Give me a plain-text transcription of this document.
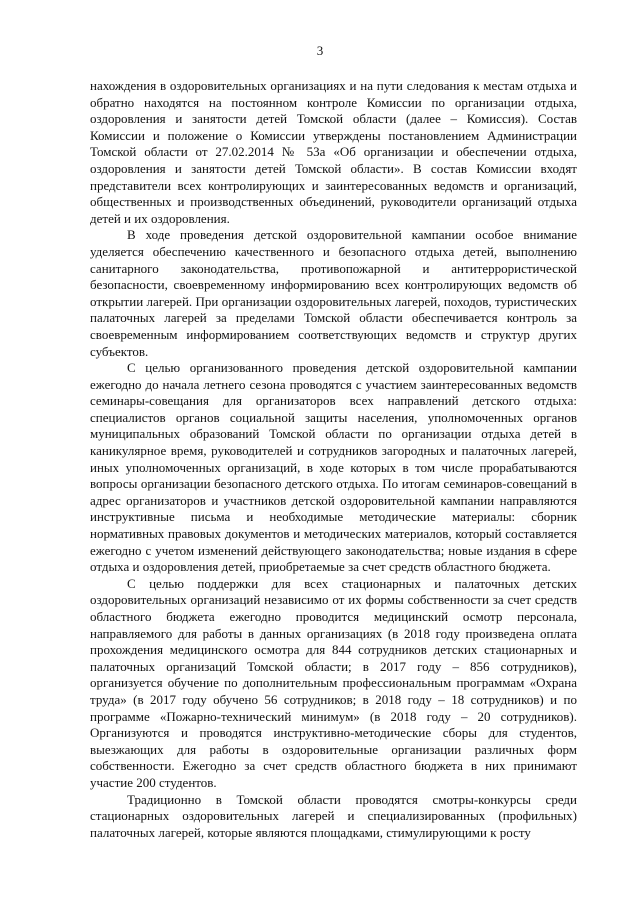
3

нахождения в оздоровительных организациях и на пути следования к местам отдыха и обратно находятся на постоянном контроле Комиссии по организации отдыха, оздоровления и занятости детей Томской области (далее – Комиссия). Состав Комиссии и положение о Комиссии утверждены постановлением Администрации Томской области от 27.02.2014 № 53а «Об организации и обеспечении отдыха, оздоровления и занятости детей Томской области». В состав Комиссии входят представители всех контролирующих и заинтересованных ведомств и организаций, общественных и производственных объединений, руководители организаций отдыха детей и их оздоровления.

В ходе проведения детской оздоровительной кампании особое внимание уделяется обеспечению качественного и безопасного отдыха детей, выполнению санитарного законодательства, противопожарной и антитеррористической безопасности, своевременному информированию всех контролирующих ведомств об открытии лагерей. При организации оздоровительных лагерей, походов, туристических палаточных лагерей за пределами Томской области обеспечивается контроль за своевременным информированием соответствующих ведомств и структур других субъектов.

С целью организованного проведения детской оздоровительной кампании ежегодно до начала летнего сезона проводятся с участием заинтересованных ведомств семинары-совещания для организаторов всех направлений детского отдыха: специалистов органов социальной защиты населения, уполномоченных органов муниципальных образований Томской области по организации отдыха детей в каникулярное время, руководителей и сотрудников загородных и палаточных лагерей, иных уполномоченных организаций, в ходе которых в том числе прорабатываются вопросы организации безопасного детского отдыха. По итогам семинаров-совещаний в адрес организаторов и участников детской оздоровительной кампании направляются инструктивные письма и необходимые методические материалы: сборник нормативных правовых документов и методических материалов, который составляется ежегодно с учетом изменений действующего законодательства; новые издания в сфере отдыха и оздоровления детей, приобретаемые за счет средств областного бюджета.

С целью поддержки для всех стационарных и палаточных детских оздоровительных организаций независимо от их формы собственности за счет средств областного бюджета ежегодно проводится медицинский осмотр персонала, направляемого для работы в данных организациях (в 2018 году произведена оплата прохождения медицинского осмотра для 844 сотрудников детских стационарных и палаточных организаций Томской области; в 2017 году – 856 сотрудников), организуется обучение по дополнительным профессиональным программам «Охрана труда» (в 2017 году обучено 56 сотрудников; в 2018 году – 18 сотрудников) и по программе «Пожарно-технический минимум» (в 2018 году – 20 сотрудников). Организуются и проводятся инструктивно-методические сборы для студентов, выезжающих для работы в оздоровительные организации различных форм собственности. Ежегодно за счет средств областного бюджета в них принимают участие 200 студентов.

Традиционно в Томской области проводятся смотры-конкурсы среди стационарных оздоровительных лагерей и специализированных (профильных) палаточных лагерей, которые являются площадками, стимулирующими к росту
